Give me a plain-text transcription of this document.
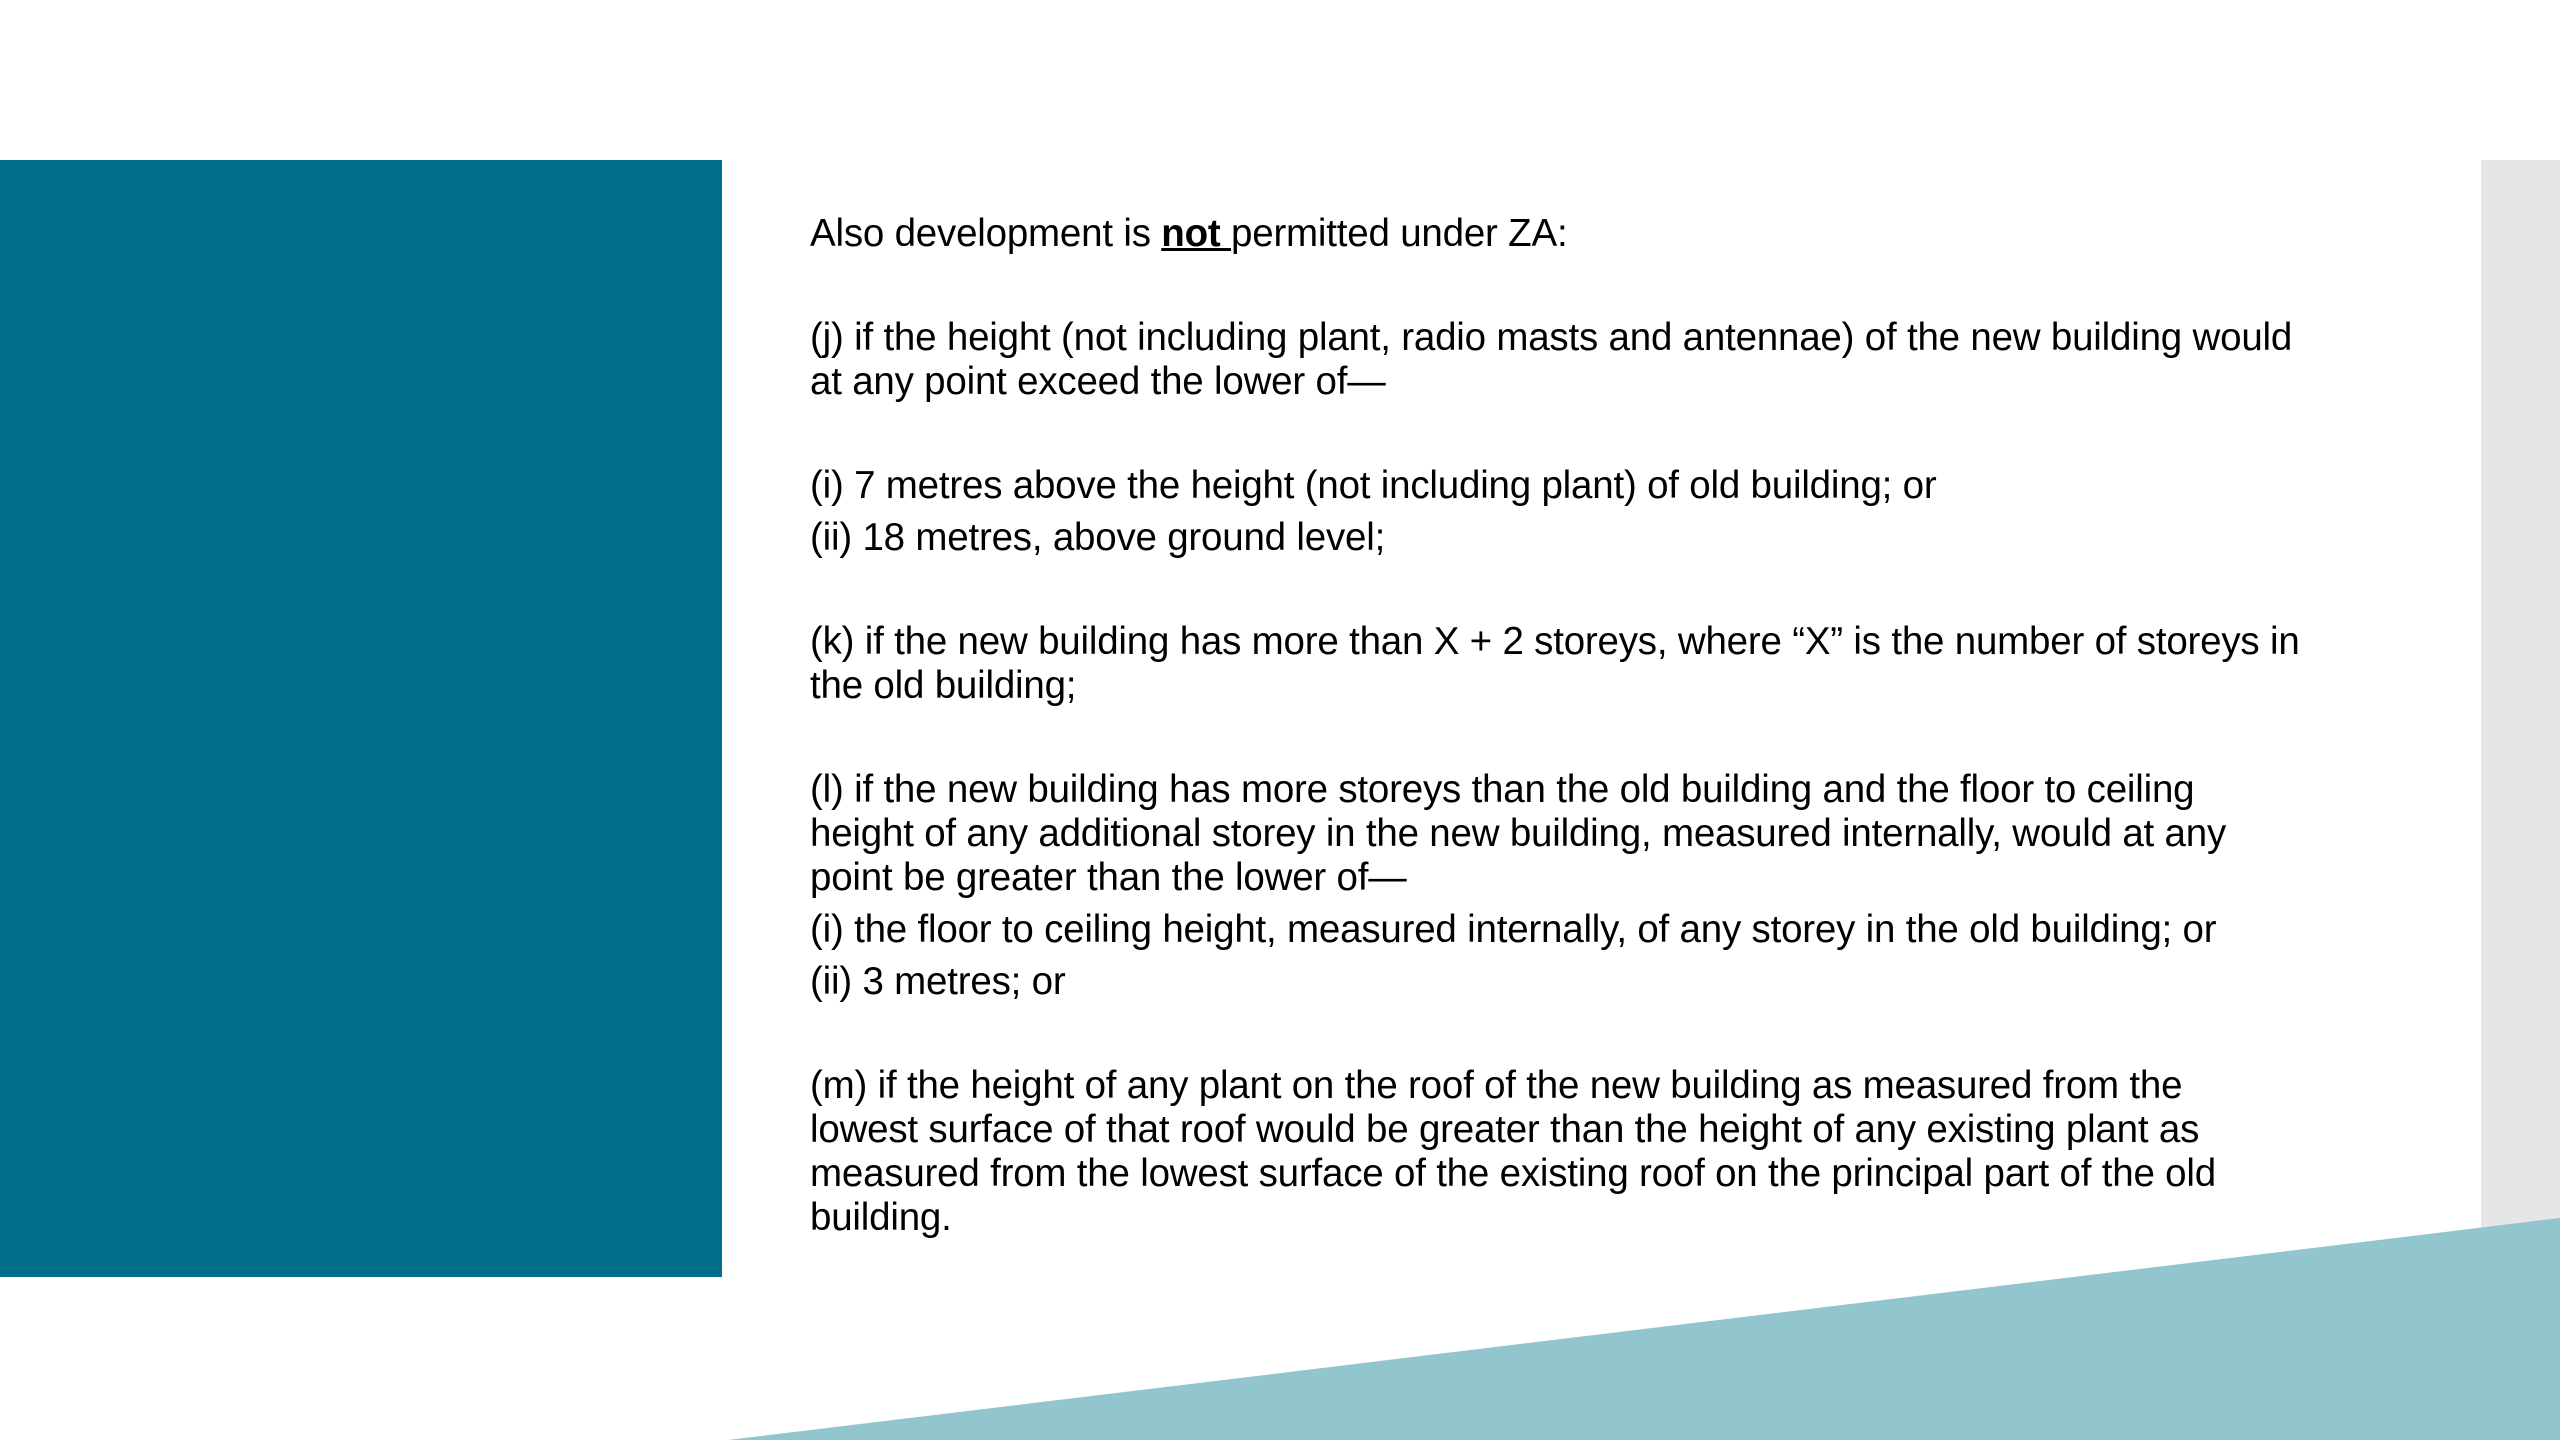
Also development is not permitted under ZA:

(j) if the height (not including plant, radio masts and antennae) of the new building would at any point exceed the lower of—

(i) 7 metres above the height (not including plant) of old building; or

(ii) 18 metres, above ground level;

(k) if the new building has more than X + 2 storeys, where “X” is the number of storeys in the old building;

(l) if the new building has more storeys than the old building and the floor to ceiling height of any additional storey in the new building, measured internally, would at any point be greater than the lower of—

(i) the floor to ceiling height, measured internally, of any storey in the old building; or

(ii) 3 metres; or

(m) if the height of any plant on the roof of the new building as measured from the lowest surface of that roof would be greater than the height of any existing plant as measured from the lowest surface of the existing roof on the principal part of the old building.
